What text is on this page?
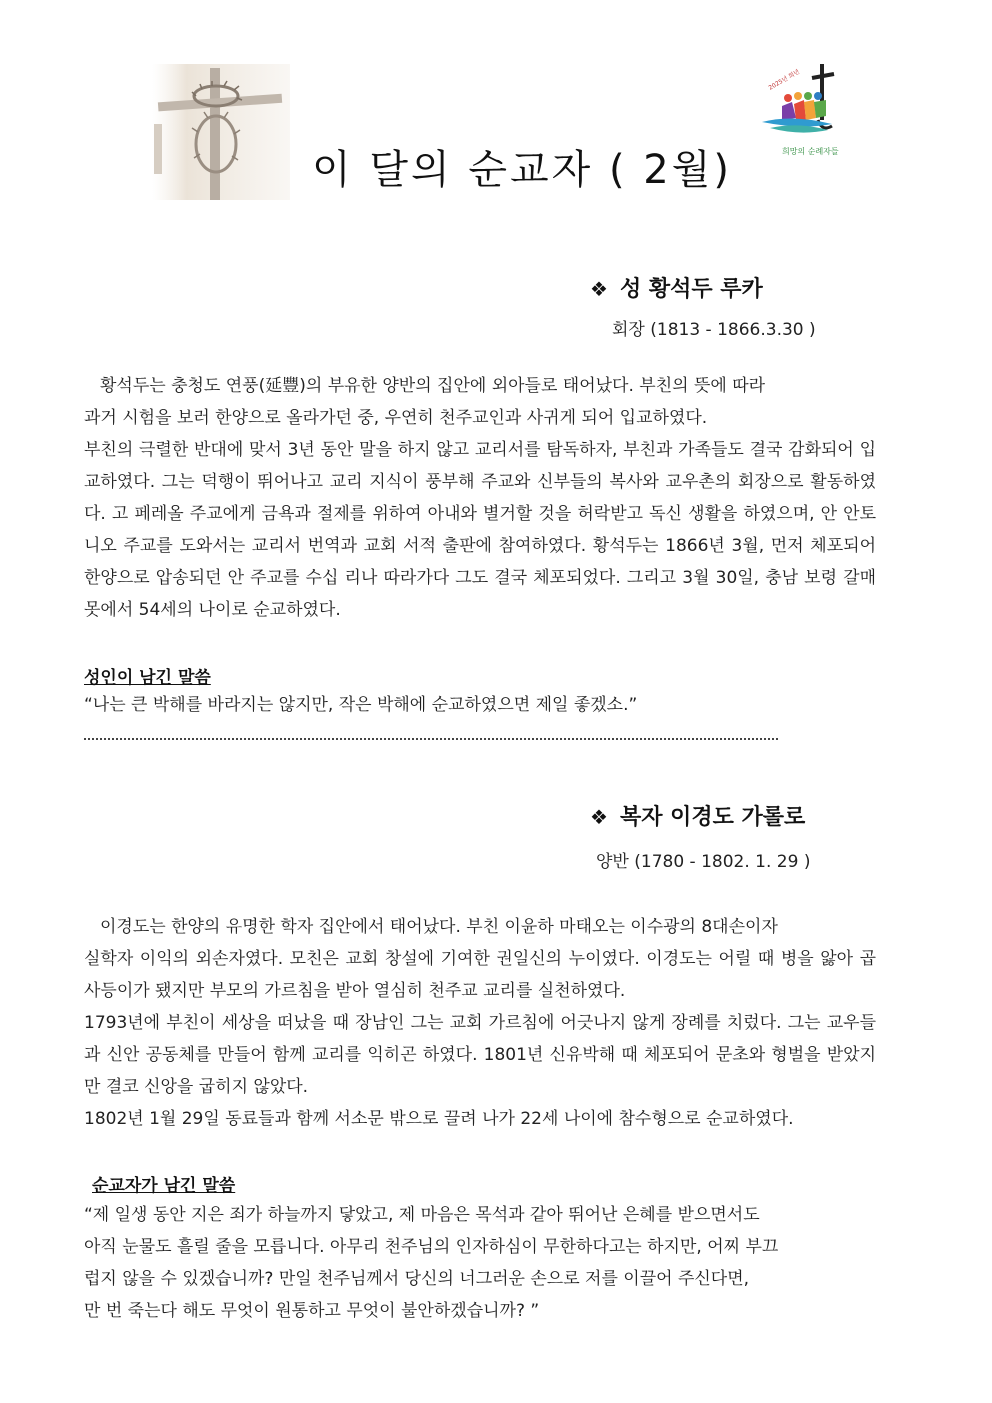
2025년 희년
희망의 순례자들
이 달의 순교자 ( 2월)
❖ 성 황석두 루카
회장 (1813 - 1866.3.30 )

황석두는 충청도 연풍(延豐)의 부유한 양반의 집안에 외아들로 태어났다. 부친의 뜻에 따라

과거 시험을 보러 한양으로 올라가던 중, 우연히 천주교인과 사귀게 되어 입교하였다.

부친의 극렬한 반대에 맞서 3년 동안 말을 하지 않고 교리서를 탐독하자, 부친과 가족들도 결국 감화되어 입교하였다. 그는 덕행이 뛰어나고 교리 지식이 풍부해 주교와 신부들의 복사와 교우촌의 회장으로 활동하였다. 고 페레올 주교에게 금욕과 절제를 위하여 아내와 별거할 것을 허락받고 독신 생활을 하였으며, 안 안토니오 주교를 도와서는 교리서 번역과 교회 서적 출판에 참여하였다. 황석두는 1866년 3월, 먼저 체포되어 한양으로 압송되던 안 주교를 수십 리나 따라가다 그도 결국 체포되었다. 그리고 3월 30일, 충남 보령 갈매못에서 54세의 나이로 순교하였다.

성인이 남긴 말씀

“나는 큰 박해를 바라지는 않지만, 작은 박해에 순교하였으면 제일 좋겠소.”

❖ 복자 이경도 가롤로
양반 (1780 - 1802. 1. 29 )

이경도는 한양의 유명한 학자 집안에서 태어났다. 부친 이윤하 마태오는 이수광의 8대손이자

실학자 이익의 외손자였다. 모친은 교회 창설에 기여한 권일신의 누이였다. 이경도는 어릴 때 병을 앓아 곱사등이가 됐지만 부모의 가르침을 받아 열심히 천주교 교리를 실천하였다.

1793년에 부친이 세상을 떠났을 때 장남인 그는 교회 가르침에 어긋나지 않게 장례를 치렀다. 그는 교우들과 신안 공동체를 만들어 함께 교리를 익히곤 하였다. 1801년 신유박해 때 체포되어 문초와 형벌을 받았지만 결코 신앙을 굽히지 않았다.

1802년 1월 29일 동료들과 함께 서소문 밖으로 끌려 나가 22세 나이에 참수형으로 순교하였다.

순교자가 남긴 말씀

“제 일생 동안 지은 죄가 하늘까지 닿았고, 제 마음은 목석과 같아 뛰어난 은혜를 받으면서도

아직 눈물도 흘릴 줄을 모릅니다. 아무리 천주님의 인자하심이 무한하다고는 하지만, 어찌 부끄

럽지 않을 수 있겠습니까? 만일 천주님께서 당신의 너그러운 손으로 저를 이끌어 주신다면,

만 번 죽는다 해도 무엇이 원통하고 무엇이 불안하겠습니까? ”
